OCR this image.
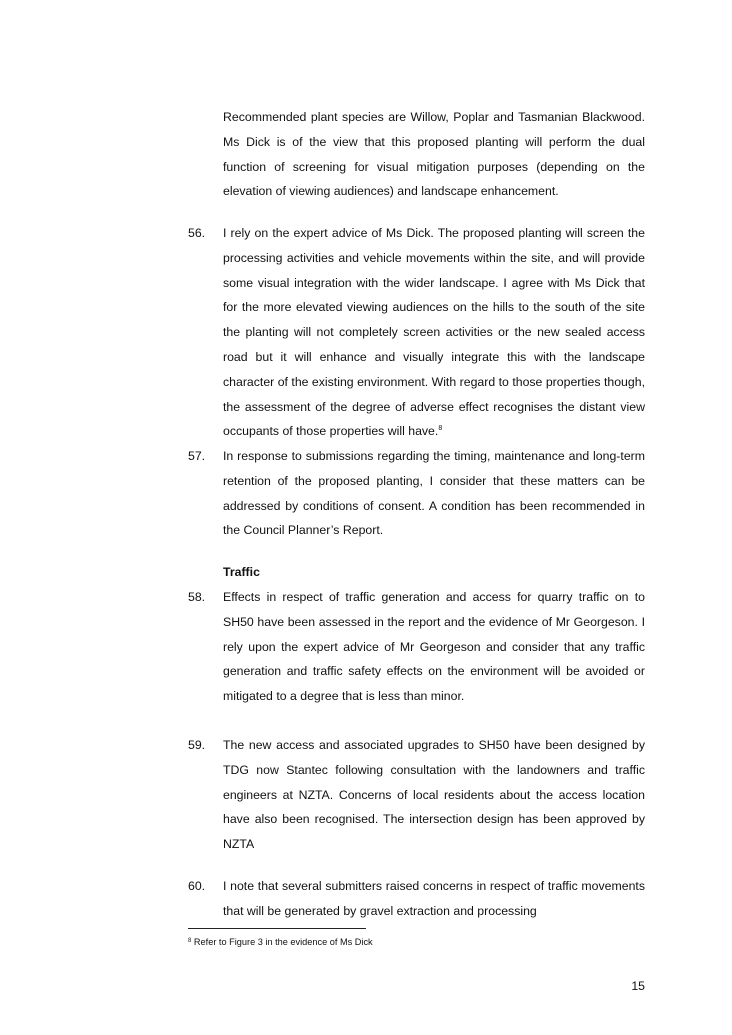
Recommended plant species are Willow, Poplar and Tasmanian Blackwood. Ms Dick is of the view that this proposed planting will perform the dual function of screening for visual mitigation purposes (depending on the elevation of viewing audiences) and landscape enhancement.
56. I rely on the expert advice of Ms Dick. The proposed planting will screen the processing activities and vehicle movements within the site, and will provide some visual integration with the wider landscape. I agree with Ms Dick that for the more elevated viewing audiences on the hills to the south of the site the planting will not completely screen activities or the new sealed access road but it will enhance and visually integrate this with the landscape character of the existing environment. With regard to those properties though, the assessment of the degree of adverse effect recognises the distant view occupants of those properties will have.$^8$
57. In response to submissions regarding the timing, maintenance and long-term retention of the proposed planting, I consider that these matters can be addressed by conditions of consent. A condition has been recommended in the Council Planner’s Report.
Traffic
58. Effects in respect of traffic generation and access for quarry traffic on to SH50 have been assessed in the report and the evidence of Mr Georgeson. I rely upon the expert advice of Mr Georgeson and consider that any traffic generation and traffic safety effects on the environment will be avoided or mitigated to a degree that is less than minor.
59. The new access and associated upgrades to SH50 have been designed by TDG now Stantec following consultation with the landowners and traffic engineers at NZTA. Concerns of local residents about the access location have also been recognised. The intersection design has been approved by NZTA
60. I note that several submitters raised concerns in respect of traffic movements that will be generated by gravel extraction and processing
$^8$ Refer to Figure 3 in the evidence of Ms Dick
15
